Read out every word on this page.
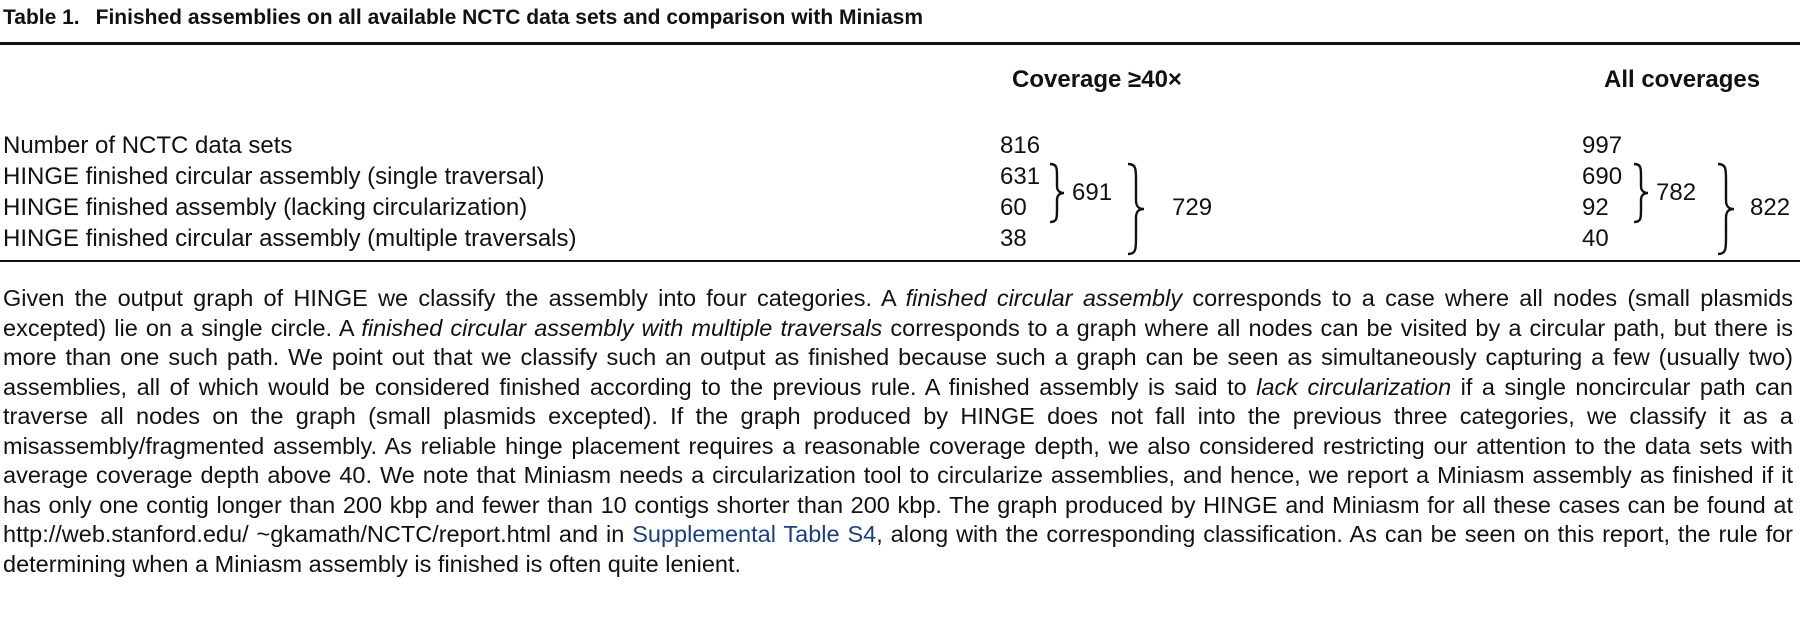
Table 1. Finished assemblies on all available NCTC data sets and comparison with Miniasm
Coverage ≥40×	All coverages
Number of NCTC data sets
HINGE finished circular assembly (single traversal)
HINGE finished assembly (lacking circularization)
HINGE finished circular assembly (multiple traversals)
816
631
60
38
691
729
997
690
92
40
782
822

Given the output graph of HINGE we classify the assembly into four categories. A finished circular assembly corresponds to a case where all nodes (small plasmids excepted) lie on a single circle. A finished circular assembly with multiple traversals corresponds to a graph where all nodes can be visited by a circular path, but there is more than one such path. We point out that we classify such an output as finished because such a graph can be seen as simultaneously capturing a few (usually two) assemblies, all of which would be considered finished according to the previous rule. A finished assembly is said to lack circularization if a single noncircular path can traverse all nodes on the graph (small plasmids excepted). If the graph produced by HINGE does not fall into the previous three categories, we classify it as a misassembly/fragmented assembly. As reliable hinge placement requires a reasonable coverage depth, we also considered restricting our attention to the data sets with average coverage depth above 40. We note that Miniasm needs a circularization tool to circularize assemblies, and hence, we report a Miniasm assembly as finished if it has only one contig longer than 200 kbp and fewer than 10 contigs shorter than 200 kbp. The graph produced by HINGE and Miniasm for all these cases can be found at http://web.stanford.edu/ ~gkamath/NCTC/report.html and in Supplemental Table S4, along with the corresponding classification. As can be seen on this report, the rule for determining when a Miniasm assembly is finished is often quite lenient.
